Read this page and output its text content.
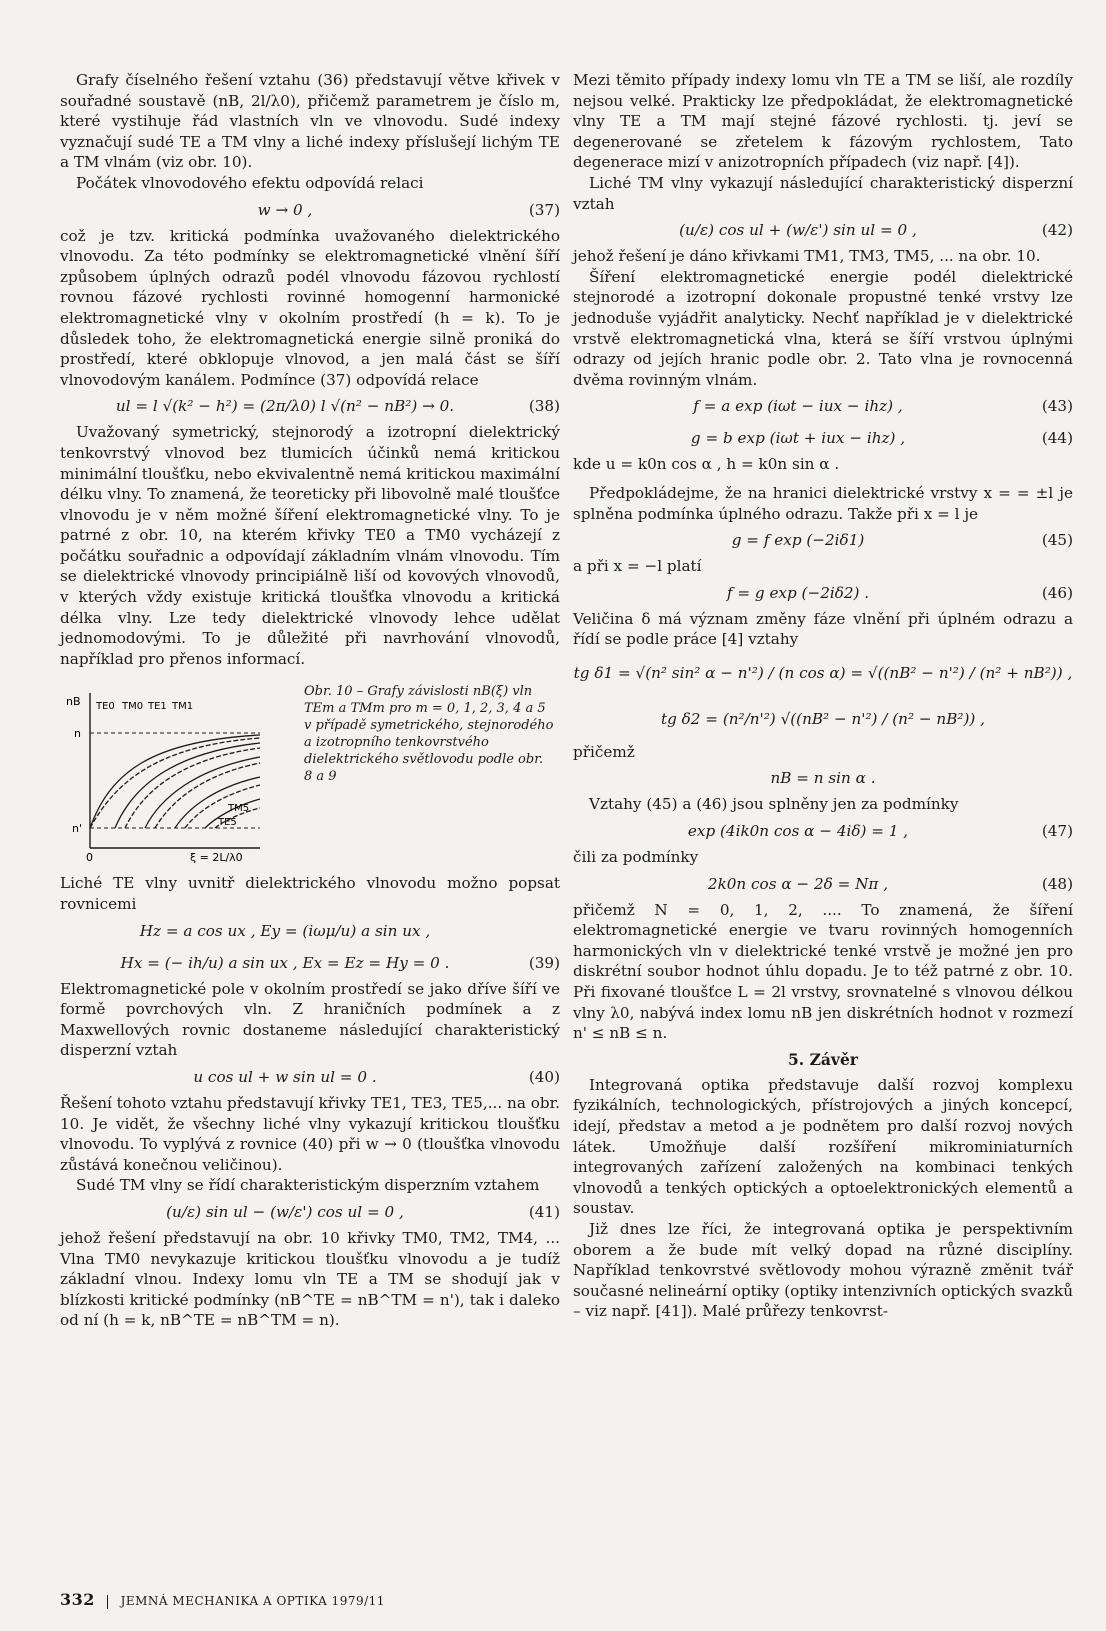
Grafy číselného řešení vztahu (36) představují větve křivek v souřadné soustavě (nB, 2l/λ0), přičemž parametrem je číslo m, které vystihuje řád vlastních vln ve vlnovodu. Sudé indexy vyznačují sudé TE a TM vlny a liché indexy příslušejí lichým TE a TM vlnám (viz obr. 10).

Počátek vlnovodového efektu odpovídá relaci

w → 0 ,	(37)

což je tzv. kritická podmínka uvažovaného dielektrického vlnovodu. Za této podmínky se elektromagnetické vlnění šíří způsobem úplných odrazů podél vlnovodu fázovou rychlostí rovnou fázové rychlosti rovinné homogenní harmonické elektromagnetické vlny v okolním prostředí (h = k). To je důsledek toho, že elektromagnetická energie silně proniká do prostředí, které obklopuje vlnovod, a jen malá část se šíří vlnovodovým kanálem. Podmínce (37) odpovídá relace

ul = l √(k² − h²) = (2π/λ0) l √(n² − nB²) → 0.	(38)

Uvažovaný symetrický, stejnorodý a izotropní dielektrický tenkovrstvý vlnovod bez tlumicích účinků nemá kritickou minimální tloušťku, nebo ekvivalentně nemá kritickou maximální délku vlny. To znamená, že teoreticky při libovolně malé tloušťce vlnovodu je v něm možné šíření elektromagnetické vlny. To je patrné z obr. 10, na kterém křivky TE0 a TM0 vycházejí z počátku souřadnic a odpovídají základním vlnám vlnovodu. Tím se dielektrické vlnovody principiálně liší od kovových vlnovodů, v kterých vždy existuje kritická tloušťka vlnovodu a kritická délka vlny. Lze tedy dielektrické vlnovody lehce udělat jednomodovými. To je důležité při navrhování vlnovodů, například pro přenos informací.

nB
n
n'
0	ξ = 2L/λ0
TE0 TM0 TE1 TM1
TM5
TE5

Obr. 10 – Grafy závislosti nB(ξ) vln TEm a TMm pro m = 0, 1, 2, 3, 4 a 5 v případě symetrického, stejnorodého a izotropního tenkovrstvého dielektrického světlovodu podle obr. 8 a 9

Liché TE vlny uvnitř dielektrického vlnovodu možno popsat rovnicemi

Hz = a cos ux , Ey = (iωμ/u) a sin ux ,
Hx = (− ih/u) a sin ux , Ex = Ez = Hy = 0 .	(39)

Elektromagnetické pole v okolním prostředí se jako dříve šíří ve formě povrchových vln. Z hraničních podmínek a z Maxwellových rovnic dostaneme následující charakteristický disperzní vztah

u cos ul + w sin ul = 0 .	(40)

Řešení tohoto vztahu představují křivky TE1, TE3, TE5,... na obr. 10. Je vidět, že všechny liché vlny vykazují kritickou tloušťku vlnovodu. To vyplývá z rovnice (40) při w → 0 (tloušťka vlnovodu zůstává konečnou veličinou).

Sudé TM vlny se řídí charakteristickým disperzním vztahem

(u/ε) sin ul − (w/ε') cos ul = 0 ,	(41)

jehož řešení představují na obr. 10 křivky TM0, TM2, TM4, ... Vlna TM0 nevykazuje kritickou tloušťku vlnovodu a je tudíž základní vlnou. Indexy lomu vln TE a TM se shodují jak v blízkosti kritické podmínky (nB^TE = nB^TM = n'), tak i daleko od ní (h = k, nB^TE = nB^TM = n).

Mezi těmito případy indexy lomu vln TE a TM se liší, ale rozdíly nejsou velké. Prakticky lze předpokládat, že elektromagnetické vlny TE a TM mají stejné fázové rychlosti. tj. jeví se degenerované se zřetelem k fázovým rychlostem, Tato degenerace mizí v anizotropních případech (viz např. [4]).

Liché TM vlny vykazují následující charakteristický disperzní vztah

(u/ε) cos ul + (w/ε') sin ul = 0 ,	(42)

jehož řešení je dáno křivkami TM1, TM3, TM5, ... na obr. 10.

Šíření elektromagnetické energie podél dielektrické stejnorodé a izotropní dokonale propustné tenké vrstvy lze jednoduše vyjádřit analyticky. Nechť například je v dielektrické vrstvě elektromagnetická vlna, která se šíří vrstvou úplnými odrazy od jejích hranic podle obr. 2. Tato vlna je rovnocenná dvěma rovinným vlnám.

f = a exp (iωt − iux − ihz) ,	(43)
g = b exp (iωt + iux − ihz) ,	(44)

kde u = k0n cos α , h = k0n sin α .

Předpokládejme, že na hranici dielektrické vrstvy x = = ±l je splněna podmínka úplného odrazu. Takže při x = l je

g = f exp (−2iδ1)	(45)

a při x = −l platí

f = g exp (−2iδ2) .	(46)

Veličina δ má význam změny fáze vlnění při úplném odrazu a řídí se podle práce [4] vztahy

tg δ1 = √(n² sin² α − n'²) / (n cos α) = √((nB² − n'²) / (n² + nB²)) ,
tg δ2 = (n²/n'²) √((nB² − n'²) / (n² − nB²)) ,

přičemž

nB = n sin α .

Vztahy (45) a (46) jsou splněny jen za podmínky

exp (4ik0n cos α − 4iδ) = 1 ,	(47)

čili za podmínky

2k0n cos α − 2δ = Nπ ,	(48)

přičemž N = 0, 1, 2, .... To znamená, že šíření elektromagnetické energie ve tvaru rovinných homogenních harmonických vln v dielektrické tenké vrstvě je možné jen pro diskrétní soubor hodnot úhlu dopadu. Je to též patrné z obr. 10. Při fixované tloušťce L = 2l vrstvy, srovnatelné s vlnovou délkou vlny λ0, nabývá index lomu nB jen diskrétních hodnot v rozmezí n' ≤ nB ≤ n.

5. Závěr

Integrovaná optika představuje další rozvoj komplexu fyzikálních, technologických, přístrojových a jiných koncepcí, idejí, představ a metod a je podnětem pro další rozvoj nových látek. Umožňuje další rozšíření mikrominiaturních integrovaných zařízení založených na kombinaci tenkých vlnovodů a tenkých optických a optoelektronických elementů a soustav.

Již dnes lze říci, že integrovaná optika je perspektivním oborem a že bude mít velký dopad na různé disciplíny. Například tenkovrstvé světlovody mohou výrazně změnit tvář současné nelineární optiky (optiky intenzivních optických svazků – viz např. [41]). Malé průřezy tenkovrst-

332 JEMNÁ MECHANIKA A OPTIKA 1979/11
